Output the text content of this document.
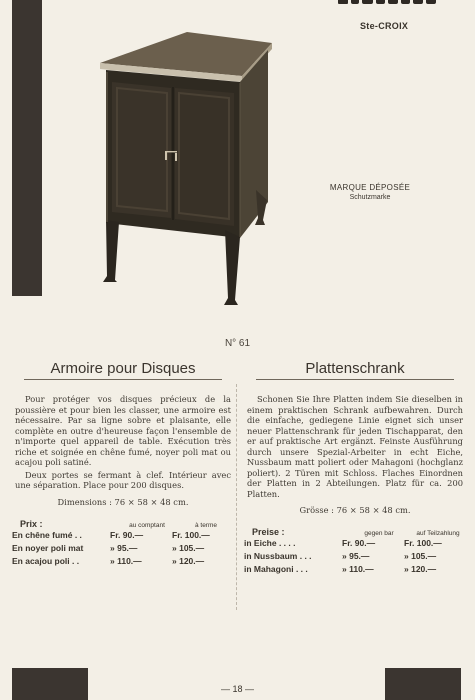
Thorens
Ste-CROIX
MARQUE DÉPOSÉE
Schutzmarke
N° 61
Armoire pour Disques

Pour protéger vos disques précieux de la poussière et pour bien les classer, une armoire est nécessaire. Par sa ligne sobre et plaisante, elle complète en outre d'heureuse façon l'ensemble de n'importe quel appareil de table. Exécution très riche et soignée en chêne fumé, noyer poli mat ou acajou poli satiné.

Deux portes se fermant à clef. Intérieur avec une séparation. Place pour 200 disques.

Dimensions : 76 × 58 × 48 cm.
Prix :	au comptant	à terme
En chêne fumé . .	Fr. 90.—	Fr. 100.—
En noyer poli mat	» 95.—	» 105.—
En acajou poli . .	» 110.—	» 120.—
Plattenschrank

Schonen Sie Ihre Platten indem Sie dieselben in einem praktischen Schrank aufbewahren. Durch die einfache, gediegene Linie eignet sich unser neuer Plattenschrank für jeden Tischapparat, den er auf praktische Art ergänzt. Feinste Ausführung durch unsere Spezial-Arbeiter in echt Eiche, Nussbaum matt poliert oder Mahagoni (hochglanz poliert). 2 Türen mit Schloss. Flaches Einordnen der Platten in 2 Abteilungen. Platz für ca. 200 Platten.

Grösse : 76 × 58 × 48 cm.
Preise :	gegen bar	auf Teilzahlung
in Eiche . . . .	Fr. 90.—	Fr. 100.—
in Nussbaum . . .	» 95.—	» 105.—
in Mahagoni . . .	» 110.—	» 120.—
— 18 —
